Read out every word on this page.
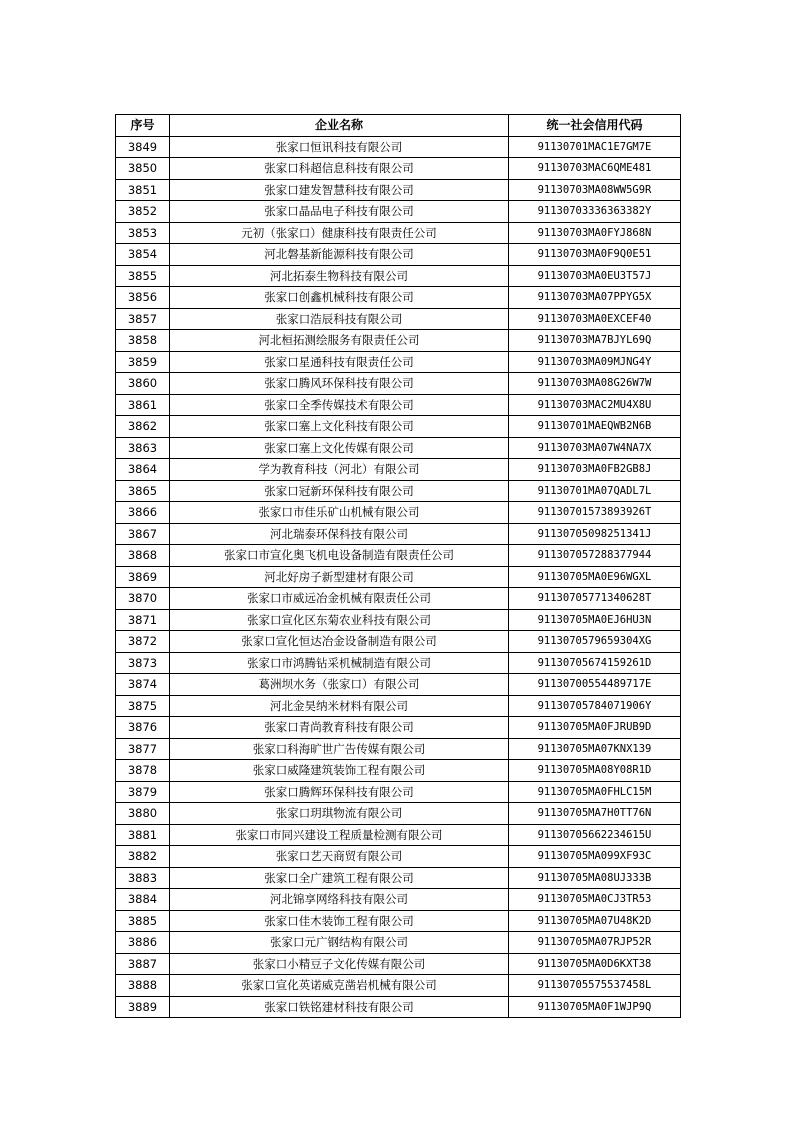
序号	企业名称	统一社会信用代码
3849	张家口恒讯科技有限公司	91130701MAC1E7GM7E
3850	张家口科超信息科技有限公司	91130703MAC6QME481
3851	张家口建发智慧科技有限公司	91130703MA08WW5G9R
3852	张家口晶品电子科技有限公司	91130703336363382Y
3853	元初（张家口）健康科技有限责任公司	91130703MA0FYJ868N
3854	河北磐基新能源科技有限公司	91130703MA0F9Q0E51
3855	河北拓泰生物科技有限公司	91130703MA0EU3T57J
3856	张家口创鑫机械科技有限公司	91130703MA07PPYG5X
3857	张家口浩辰科技有限公司	91130703MA0EXCEF40
3858	河北桓拓测绘服务有限责任公司	91130703MA7BJYL69Q
3859	张家口星通科技有限责任公司	91130703MA09MJNG4Y
3860	张家口腾风环保科技有限公司	91130703MA08G26W7W
3861	张家口全季传媒技术有限公司	91130703MAC2MU4X8U
3862	张家口塞上文化科技有限公司	91130701MAEQWB2N6B
3863	张家口塞上文化传媒有限公司	91130703MA07W4NA7X
3864	学为教育科技（河北）有限公司	91130703MA0FB2GB8J
3865	张家口冠新环保科技有限公司	91130701MA07QADL7L
3866	张家口市佳乐矿山机械有限公司	91130701573893926T
3867	河北瑞泰环保科技有限公司	91130705098251341J
3868	张家口市宣化奥飞机电设备制造有限责任公司	911307057288377944
3869	河北好房子新型建材有限公司	91130705MA0E96WGXL
3870	张家口市威远冶金机械有限责任公司	91130705771340628T
3871	张家口宣化区东菊农业科技有限公司	91130705MA0EJ6HU3N
3872	张家口宣化恒达冶金设备制造有限公司	9113070579659304XG
3873	张家口市鸿腾钻采机械制造有限公司	91130705674159261D
3874	葛洲坝水务（张家口）有限公司	91130700554489717E
3875	河北金昊纳米材料有限公司	91130705784071906Y
3876	张家口青尚教育科技有限公司	91130705MA0FJRUB9D
3877	张家口科海旷世广告传媒有限公司	91130705MA07KNX139
3878	张家口威隆建筑装饰工程有限公司	91130705MA08Y08R1D
3879	张家口腾辉环保科技有限公司	91130705MA0FHLC15M
3880	张家口玥琪物流有限公司	91130705MA7H0TT76N
3881	张家口市同兴建设工程质量检测有限公司	91130705662234615U
3882	张家口艺天商贸有限公司	91130705MA099XF93C
3883	张家口全广建筑工程有限公司	91130705MA08UJ333B
3884	河北锦享网络科技有限公司	91130705MA0CJ3TR53
3885	张家口佳木装饰工程有限公司	91130705MA07U48K2D
3886	张家口元广钢结构有限公司	91130705MA07RJP52R
3887	张家口小精豆子文化传媒有限公司	91130705MA0D6KXT38
3888	张家口宣化英诺威克凿岩机械有限公司	91130705575537458L
3889	张家口铁铭建材科技有限公司	91130705MA0F1WJP9Q
